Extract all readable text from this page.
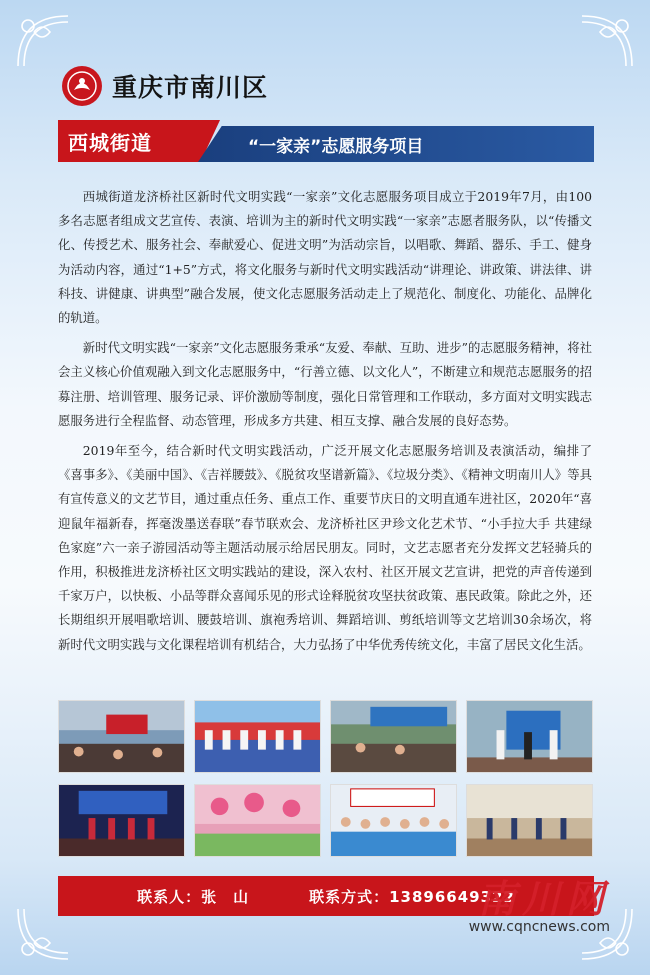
重庆市南川区
西城街道	“一家亲”志愿服务项目

西城街道龙济桥社区新时代文明实践“一家亲”文化志愿服务项目成立于2019年7月，由100多名志愿者组成文艺宣传、表演、培训为主的新时代文明实践“一家亲”志愿者服务队，以“传播文化、传授艺术、服务社会、奉献爱心、促进文明”为活动宗旨，以唱歌、舞蹈、器乐、手工、健身为活动内容，通过“1+5”方式，将文化服务与新时代文明实践活动“讲理论、讲政策、讲法律、讲科技、讲健康、讲典型”融合发展，使文化志愿服务活动走上了规范化、制度化、功能化、品牌化的轨道。

新时代文明实践“一家亲”文化志愿服务秉承“友爱、奉献、互助、进步”的志愿服务精神，将社会主义核心价值观融入到文化志愿服务中，“行善立德、以文化人”，不断建立和规范志愿服务的招募注册、培训管理、服务记录、评价激励等制度，强化日常管理和工作联动，多方面对文明实践志愿服务进行全程监督、动态管理，形成多方共建、相互支撑、融合发展的良好态势。

2019年至今，结合新时代文明实践活动，广泛开展文化志愿服务培训及表演活动，编排了《喜事多》、《美丽中国》、《吉祥腰鼓》、《脱贫攻坚谱新篇》、《垃圾分类》、《精神文明南川人》等具有宣传意义的文艺节目，通过重点任务、重点工作、重要节庆日的文明直通车进社区，2020年“喜迎鼠年福新春，挥毫泼墨送春联”春节联欢会、龙济桥社区尹珍文化艺术节、“小手拉大手 共建绿色家庭”六一亲子游园活动等主题活动展示给居民朋友。同时，文艺志愿者充分发挥文艺轻骑兵的作用，积极推进龙济桥社区文明实践站的建设，深入农村、社区开展文艺宣讲，把党的声音传递到千家万户，以快板、小品等群众喜闻乐见的形式诠释脱贫攻坚扶贫政策、惠民政策。除此之外，还长期组织开展唱歌培训、腰鼓培训、旗袍秀培训、舞蹈培训、剪纸培训等文艺培训30余场次，将新时代文明实践与文化课程培训有机结合，大力弘扬了中华优秀传统文化，丰富了居民文化生活。

联系人：张　山	联系方式：13896649322
南川网
www.cqncnews.com
